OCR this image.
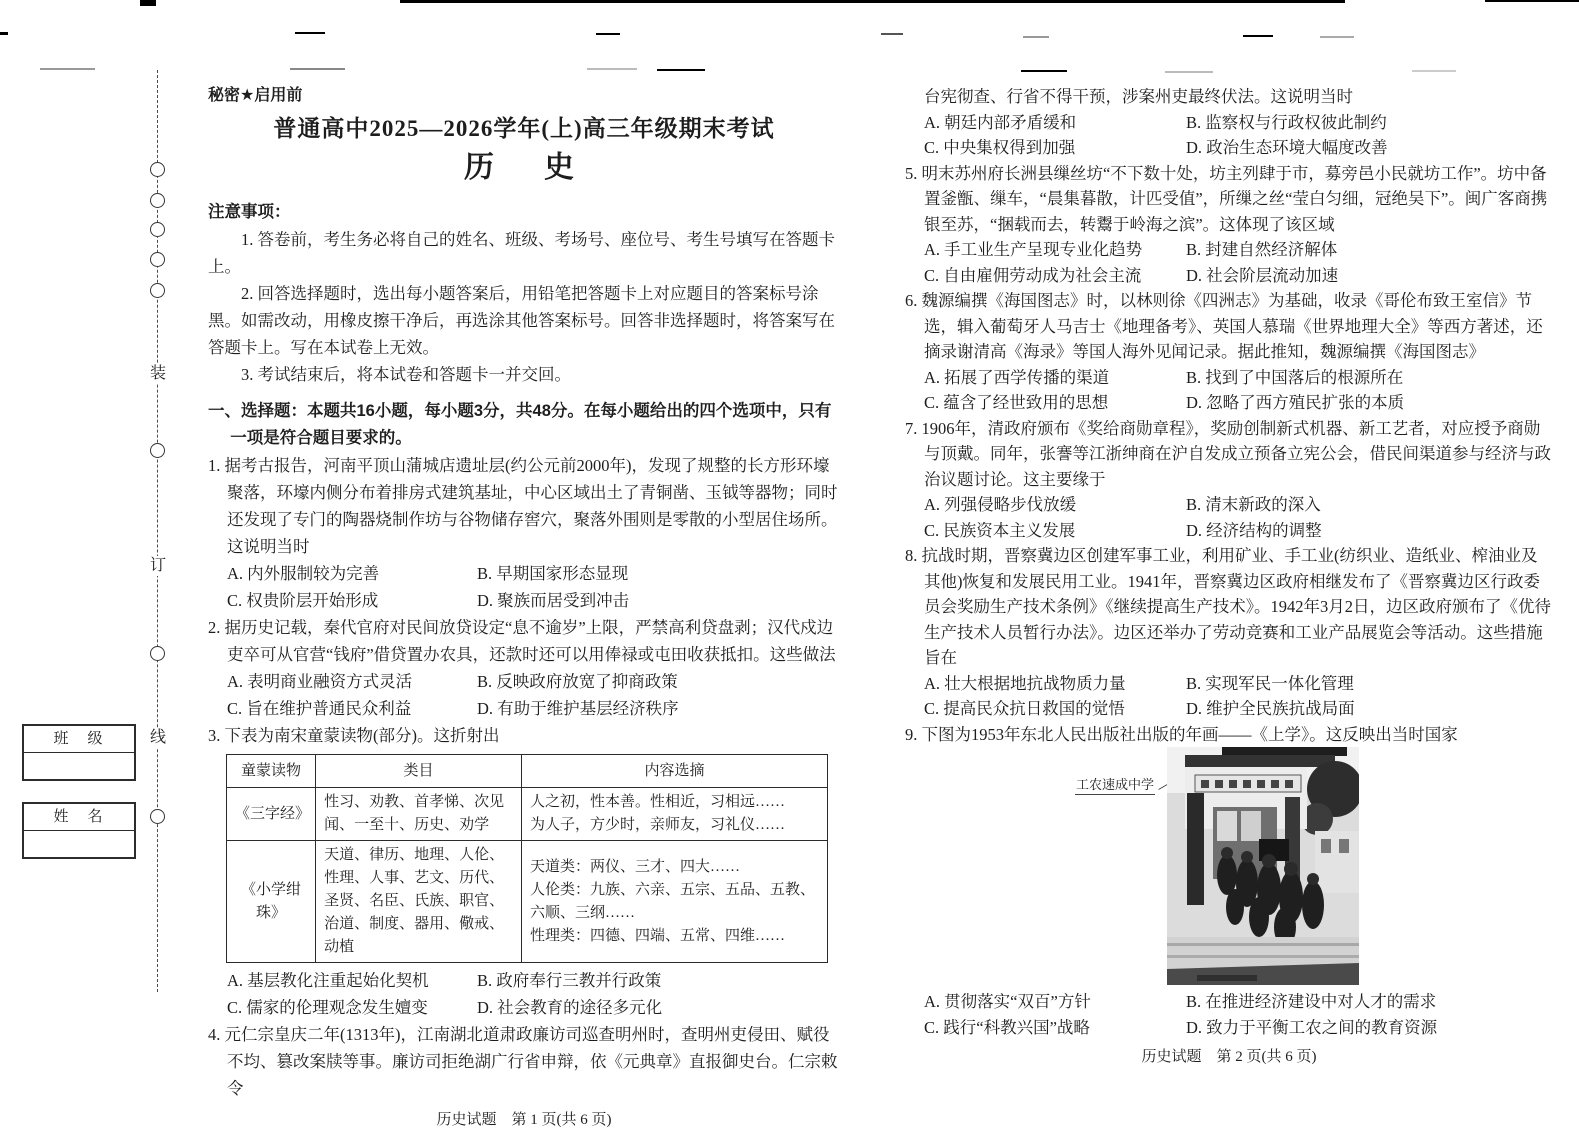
装
订
线
班　级
姓　名
秘密★启用前
普通高中2025—2026学年(上)高三年级期末考试
历　史
注意事项：
1. 答卷前，考生务必将自己的姓名、班级、考场号、座位号、考生号填写在答题卡上。
2. 回答选择题时，选出每小题答案后，用铅笔把答题卡上对应题目的答案标号涂黑。如需改动，用橡皮擦干净后，再选涂其他答案标号。回答非选择题时，将答案写在答题卡上。写在本试卷上无效。
3. 考试结束后，将本试卷和答题卡一并交回。
一、选择题：本题共16小题，每小题3分，共48分。在每小题给出的四个选项中，只有一项是符合题目要求的。
1. 据考古报告，河南平顶山蒲城店遗址层(约公元前2000年)，发现了规整的长方形环壕聚落，环壕内侧分布着排房式建筑基址，中心区域出土了青铜凿、玉钺等器物；同时还发现了专门的陶器烧制作坊与谷物储存窖穴，聚落外围则是零散的小型居住场所。这说明当时
A. 内外服制较为完善	B. 早期国家形态显现
C. 权贵阶层开始形成	D. 聚族而居受到冲击
2. 据历史记载，秦代官府对民间放贷设定“息不逾岁”上限，严禁高利贷盘剥；汉代戍边吏卒可从官营“钱府”借贷置办农具，还款时还可以用俸禄或屯田收获抵扣。这些做法
A. 表明商业融资方式灵活	B. 反映政府放宽了抑商政策
C. 旨在维护普通民众利益	D. 有助于维护基层经济秩序
3. 下表为南宋童蒙读物(部分)。这折射出
童蒙读物	类目	内容选摘
《三字经》	性习、劝教、首孝悌、次见闻、一至十、历史、劝学	人之初，性本善。性相近，习相远……
为人子，方少时，亲师友，习礼仪……

《小学绀珠》	天道、律历、地理、人伦、性理、人事、艺文、历代、圣贤、名臣、氏族、职官、治道、制度、器用、儆戒、动植	天道类：两仪、三才、四大……
人伦类：九族、六亲、五宗、五品、五教、六顺、三纲……
性理类：四德、四端、五常、四维……
A. 基层教化注重起始化契机	B. 政府奉行三教并行政策
C. 儒家的伦理观念发生嬗变	D. 社会教育的途径多元化
4. 元仁宗皇庆二年(1313年)，江南湖北道肃政廉访司巡查明州时，查明州吏侵田、赋役不均、篡改案牍等事。廉访司拒绝湖广行省申辩，依《元典章》直报御史台。仁宗敕令
历史试题　第 1 页(共 6 页)
台宪彻查、行省不得干预，涉案州吏最终伏法。这说明当时
A. 朝廷内部矛盾缓和	B. 监察权与行政权彼此制约
C. 中央集权得到加强	D. 政治生态环境大幅度改善
5. 明末苏州府长洲县缫丝坊“不下数十处，坊主列肆于市，募旁邑小民就坊工作”。坊中备置釜甑、缫车，“晨集暮散，计匹受值”，所缫之丝“莹白匀细，冠绝吴下”。闽广客商携银至苏，“捆载而去，转鬻于岭海之滨”。这体现了该区域
A. 手工业生产呈现专业化趋势	B. 封建自然经济解体
C. 自由雇佣劳动成为社会主流	D. 社会阶层流动加速
6. 魏源编撰《海国图志》时，以林则徐《四洲志》为基础，收录《哥伦布致王室信》节选，辑入葡萄牙人马吉士《地理备考》、英国人慕瑞《世界地理大全》等西方著述，还摘录谢清高《海录》等国人海外见闻记录。据此推知，魏源编撰《海国图志》
A. 拓展了西学传播的渠道	B. 找到了中国落后的根源所在
C. 蕴含了经世致用的思想	D. 忽略了西方殖民扩张的本质
7. 1906年，清政府颁布《奖给商勋章程》，奖励创制新式机器、新工艺者，对应授予商勋与顶戴。同年，张謇等江浙绅商在沪自发成立预备立宪公会，借民间渠道参与经济与政治议题讨论。这主要缘于
A. 列强侵略步伐放缓	B. 清末新政的深入
C. 民族资本主义发展	D. 经济结构的调整
8. 抗战时期，晋察冀边区创建军事工业，利用矿业、手工业(纺织业、造纸业、榨油业及其他)恢复和发展民用工业。1941年，晋察冀边区政府相继发布了《晋察冀边区行政委员会奖励生产技术条例》《继续提高生产技术》。1942年3月2日，边区政府颁布了《优待生产技术人员暂行办法》。边区还举办了劳动竞赛和工业产品展览会等活动。这些措施旨在
A. 壮大根据地抗战物质力量	B. 实现军民一体化管理
C. 提高民众抗日救国的觉悟	D. 维护全民族抗战局面
9. 下图为1953年东北人民出版社出版的年画——《上学》。这反映出当时国家
工农速成中学
A. 贯彻落实“双百”方针	B. 在推进经济建设中对人才的需求
C. 践行“科教兴国”战略	D. 致力于平衡工农之间的教育资源
历史试题　第 2 页(共 6 页)
